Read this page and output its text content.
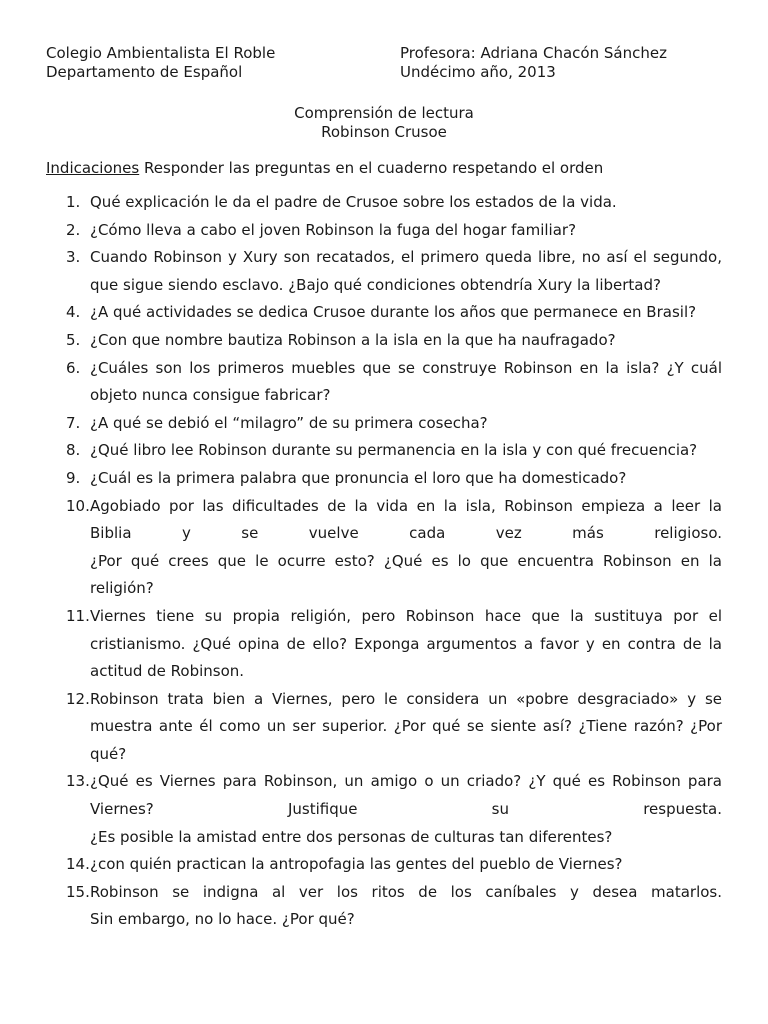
Colegio Ambientalista El Roble
Departamento de Español
Profesora: Adriana Chacón Sánchez
Undécimo año, 2013
Comprensión de lectura
Robinson Crusoe
Indicaciones Responder las preguntas en el cuaderno respetando el orden
1.Qué explicación le da el padre de Crusoe sobre los estados de la vida.
2.¿Cómo lleva a cabo el joven Robinson la fuga del hogar familiar?
3.Cuando Robinson y Xury son recatados, el primero queda libre, no así el segundo,
que sigue siendo esclavo. ¿Bajo qué condiciones obtendría Xury la libertad?
4.¿A qué actividades se dedica Crusoe durante los años que permanece en Brasil?
5.¿Con que nombre bautiza Robinson a la isla en la que ha naufragado?
6.¿Cuáles son los primeros muebles que se construye Robinson en la isla? ¿Y cuál
objeto nunca consigue fabricar?
7.¿A qué se debió el “milagro” de su primera cosecha?
8.¿Qué libro lee Robinson durante su permanencia en la isla y con qué frecuencia?
9.¿Cuál es la primera palabra que pronuncia el loro que ha domesticado?
10.Agobiado por las dificultades de la vida en la isla, Robinson empieza a leer la
Biblia y se vuelve cada vez más religioso.
¿Por qué crees que le ocurre esto? ¿Qué es lo que encuentra Robinson en la
religión?
11.Viernes tiene su propia religión, pero Robinson hace que la sustituya por el
cristianismo. ¿Qué opina de ello? Exponga argumentos a favor y en contra de la
actitud de Robinson.
12.Robinson trata bien a Viernes, pero le considera un «pobre desgraciado» y se
muestra ante él como un ser superior. ¿Por qué se siente así? ¿Tiene razón? ¿Por
qué?
13.¿Qué es Viernes para Robinson, un amigo o un criado? ¿Y qué es Robinson para
Viernes? Justifique su respuesta.
¿Es posible la amistad entre dos personas de culturas tan diferentes?
14.¿con quién practican la antropofagia las gentes del pueblo de Viernes?
15.Robinson se indigna al ver los ritos de los caníbales y desea matarlos.
Sin embargo, no lo hace. ¿Por qué?
